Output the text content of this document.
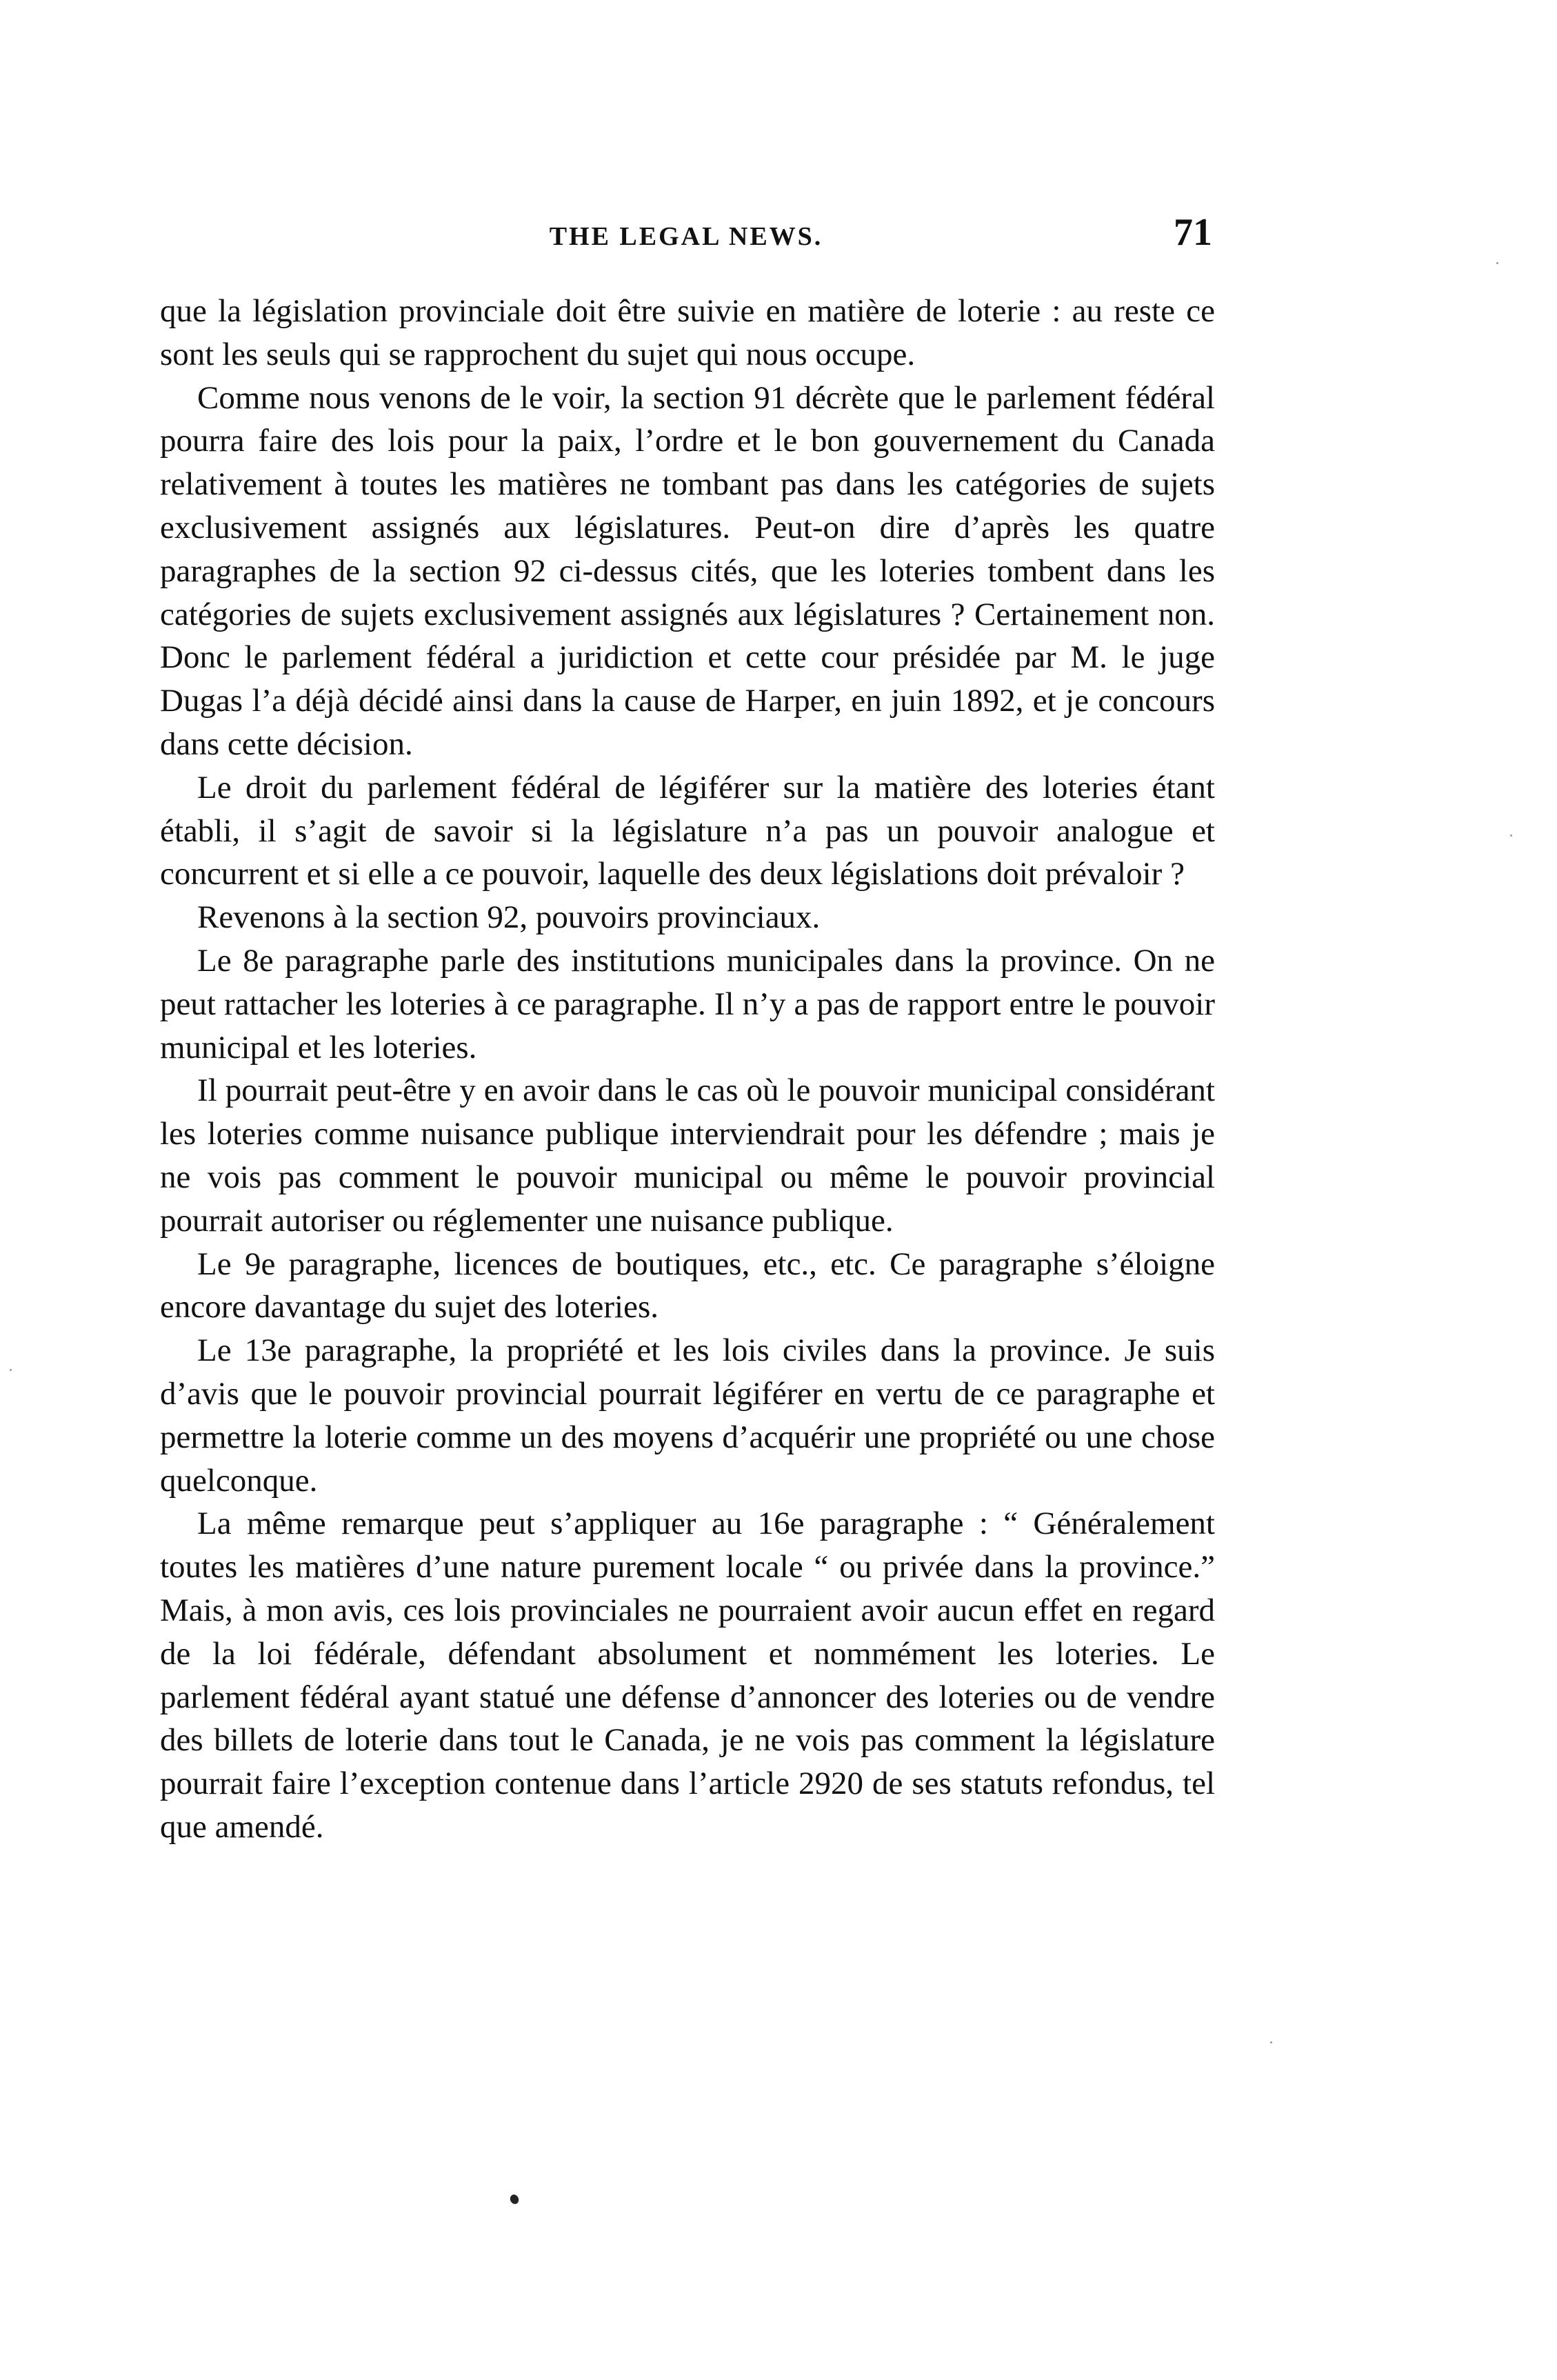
THE LEGAL NEWS.	71

que la législation provinciale doit être suivie en matière de loterie : au reste ce sont les seuls qui se rapprochent du sujet qui nous occupe.

Comme nous venons de le voir, la section 91 décrète que le parlement fédéral pourra faire des lois pour la paix, l’ordre et le bon gouvernement du Canada relativement à toutes les matières ne tombant pas dans les catégories de sujets exclusivement assignés aux législatures. Peut-on dire d’après les quatre paragraphes de la section 92 ci-dessus cités, que les loteries tombent dans les catégories de sujets exclusivement assignés aux législatures ? Certainement non. Donc le parlement fédéral a juridiction et cette cour présidée par M. le juge Dugas l’a déjà décidé ainsi dans la cause de Harper, en juin 1892, et je concours dans cette décision.

Le droit du parlement fédéral de légiférer sur la matière des loteries étant établi, il s’agit de savoir si la législature n’a pas un pouvoir analogue et concurrent et si elle a ce pouvoir, laquelle des deux législations doit prévaloir ?

Revenons à la section 92, pouvoirs provinciaux.

Le 8e paragraphe parle des institutions municipales dans la province. On ne peut rattacher les loteries à ce paragraphe. Il n’y a pas de rapport entre le pouvoir municipal et les loteries.

Il pourrait peut-être y en avoir dans le cas où le pouvoir municipal considérant les loteries comme nuisance publique interviendrait pour les défendre ; mais je ne vois pas comment le pouvoir municipal ou même le pouvoir provincial pourrait autoriser ou réglementer une nuisance publique.

Le 9e paragraphe, licences de boutiques, etc., etc. Ce paragraphe s’éloigne encore davantage du sujet des loteries.

Le 13e paragraphe, la propriété et les lois civiles dans la province. Je suis d’avis que le pouvoir provincial pourrait légiférer en vertu de ce paragraphe et permettre la loterie comme un des moyens d’acquérir une propriété ou une chose quelconque.

La même remarque peut s’appliquer au 16e paragraphe : “ Généralement toutes les matières d’une nature purement locale “ ou privée dans la province.” Mais, à mon avis, ces lois provinciales ne pourraient avoir aucun effet en regard de la loi fédérale, défendant absolument et nommément les loteries. Le parlement fédéral ayant statué une défense d’annoncer des loteries ou de vendre des billets de loterie dans tout le Canada, je ne vois pas comment la législature pourrait faire l’exception contenue dans l’article 2920 de ses statuts refondus, tel que amendé.
